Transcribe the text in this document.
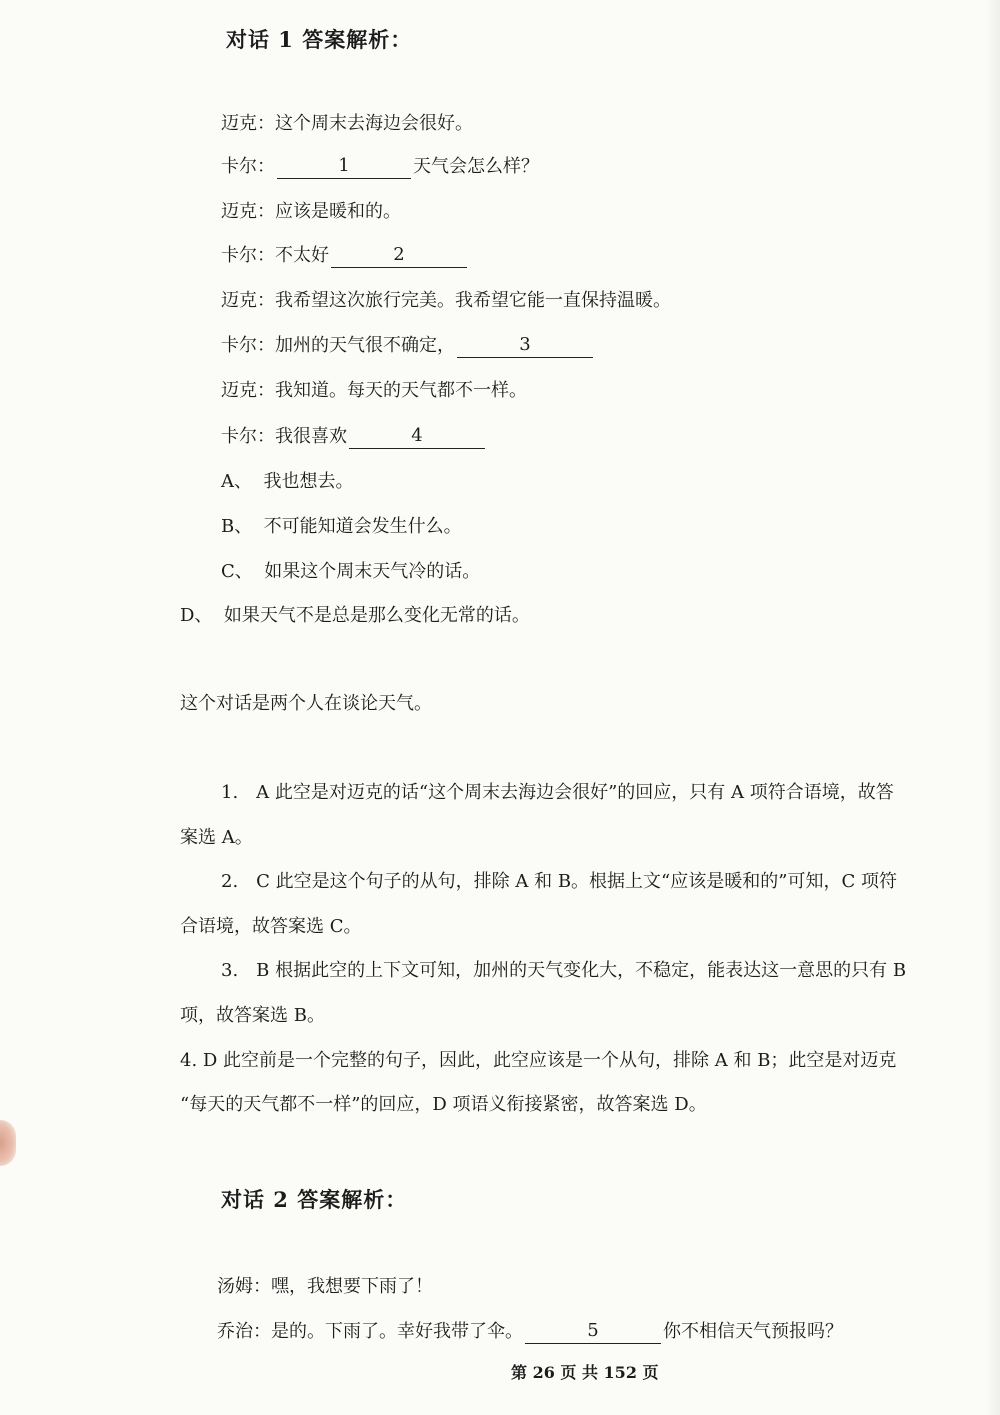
对话 1 答案解析：
迈克：这个周末去海边会很好。
卡尔：	1	天气会怎么样？
迈克：应该是暖和的。
卡尔：不太好	2
迈克：我希望这次旅行完美。我希望它能一直保持温暖。
卡尔：加州的天气很不确定，	3
迈克：我知道。每天的天气都不一样。
卡尔：我很喜欢	4
A、 我也想去。
B、 不可能知道会发生什么。
C、 如果这个周末天气冷的话。
D、 如果天气不是总是那么变化无常的话。
这个对话是两个人在谈论天气。
1. A 此空是对迈克的话“这个周末去海边会很好”的回应，只有 A 项符合语境，故答
案选 A。
2. C 此空是这个句子的从句，排除 A 和 B。根据上文“应该是暖和的”可知，C 项符
合语境，故答案选 C。
3. B 根据此空的上下文可知，加州的天气变化大，不稳定，能表达这一意思的只有 B
项，故答案选 B。
4. D 此空前是一个完整的句子，因此，此空应该是一个从句，排除 A 和 B；此空是对迈克
“每天的天气都不一样”的回应，D 项语义衔接紧密，故答案选 D。
对话 2 答案解析：
汤姆：嘿，我想要下雨了！
乔治：是的。下雨了。幸好我带了伞。	5	你不相信天气预报吗？
第 26 页 共 152 页
